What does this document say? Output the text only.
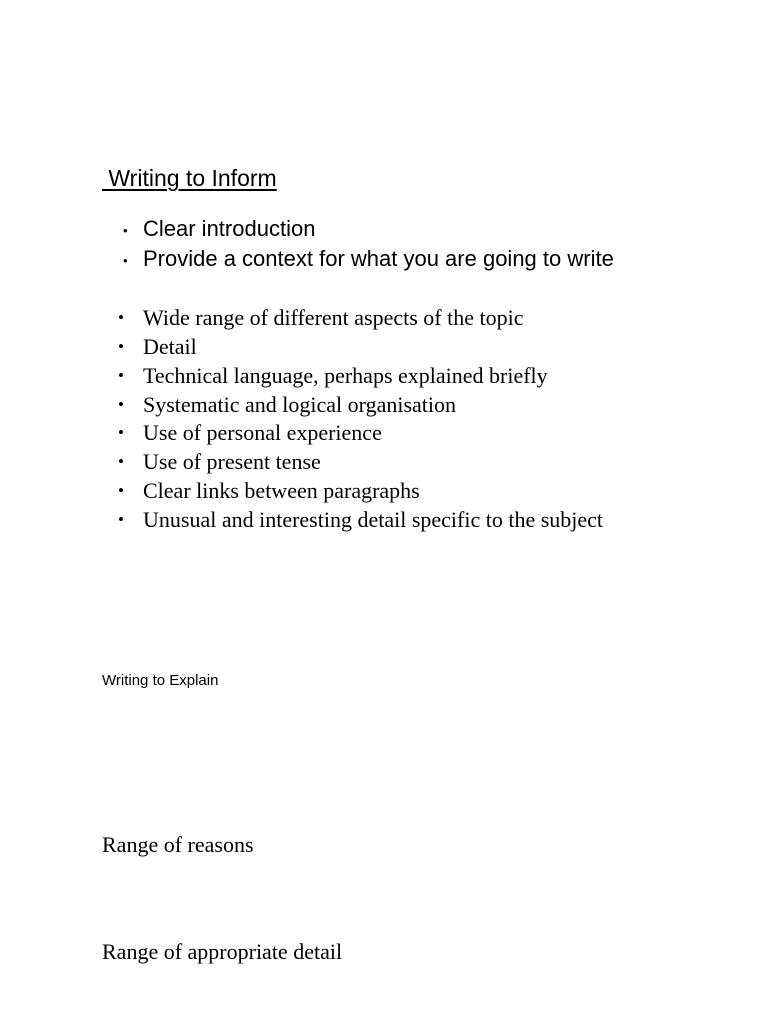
Writing to Inform
• Clear introduction
• Provide a context for what you are going to write
• Wide range of different aspects of the topic
• Detail
• Technical language, perhaps explained briefly
• Systematic and logical organisation
• Use of personal experience
• Use of present tense
• Clear links between paragraphs
• Unusual and interesting detail specific to the subject
Writing to Explain
Range of reasons
Range of appropriate detail
